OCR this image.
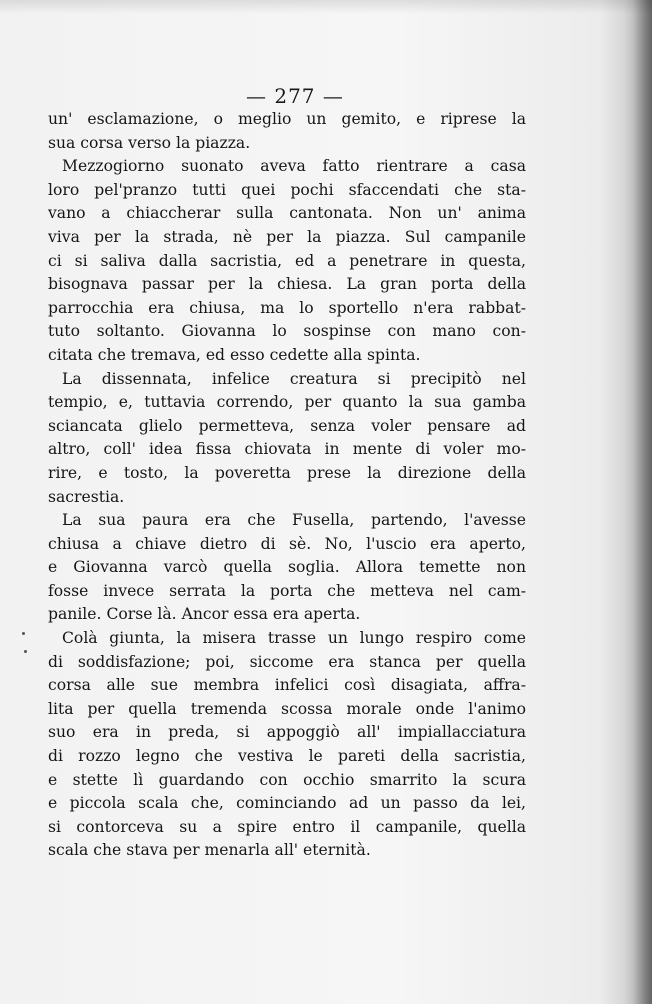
— 277 —
un' esclamazione, o meglio un gemito, e riprese la
sua corsa verso la piazza.
Mezzogiorno suonato aveva fatto rientrare a casa
loro pel'pranzo tutti quei pochi sfaccendati che sta-
vano a chiaccherar sulla cantonata. Non un' anima
viva per la strada, nè per la piazza. Sul campanile
ci si saliva dalla sacristia, ed a penetrare in questa,
bisognava passar per la chiesa. La gran porta della
parrocchia era chiusa, ma lo sportello n'era rabbat-
tuto soltanto. Giovanna lo sospinse con mano con-
citata che tremava, ed esso cedette alla spinta.
La dissennata, infelice creatura si precipitò nel
tempio, e, tuttavia correndo, per quanto la sua gamba
sciancata glielo permetteva, senza voler pensare ad
altro, coll' idea fissa chiovata in mente di voler mo-
rire, e tosto, la poveretta prese la direzione della
sacrestia.
La sua paura era che Fusella, partendo, l'avesse
chiusa a chiave dietro di sè. No, l'uscio era aperto,
e Giovanna varcò quella soglia. Allora temette non
fosse invece serrata la porta che metteva nel cam-
panile. Corse là. Ancor essa era aperta.
Colà giunta, la misera trasse un lungo respiro come
di soddisfazione; poi, siccome era stanca per quella
corsa alle sue membra infelici così disagiata, affra-
lita per quella tremenda scossa morale onde l'animo
suo era in preda, si appoggiò all' impiallacciatura
di rozzo legno che vestiva le pareti della sacristia,
e stette lì guardando con occhio smarrito la scura
e piccola scala che, cominciando ad un passo da lei,
si contorceva su a spire entro il campanile, quella
scala che stava per menarla all' eternità.
